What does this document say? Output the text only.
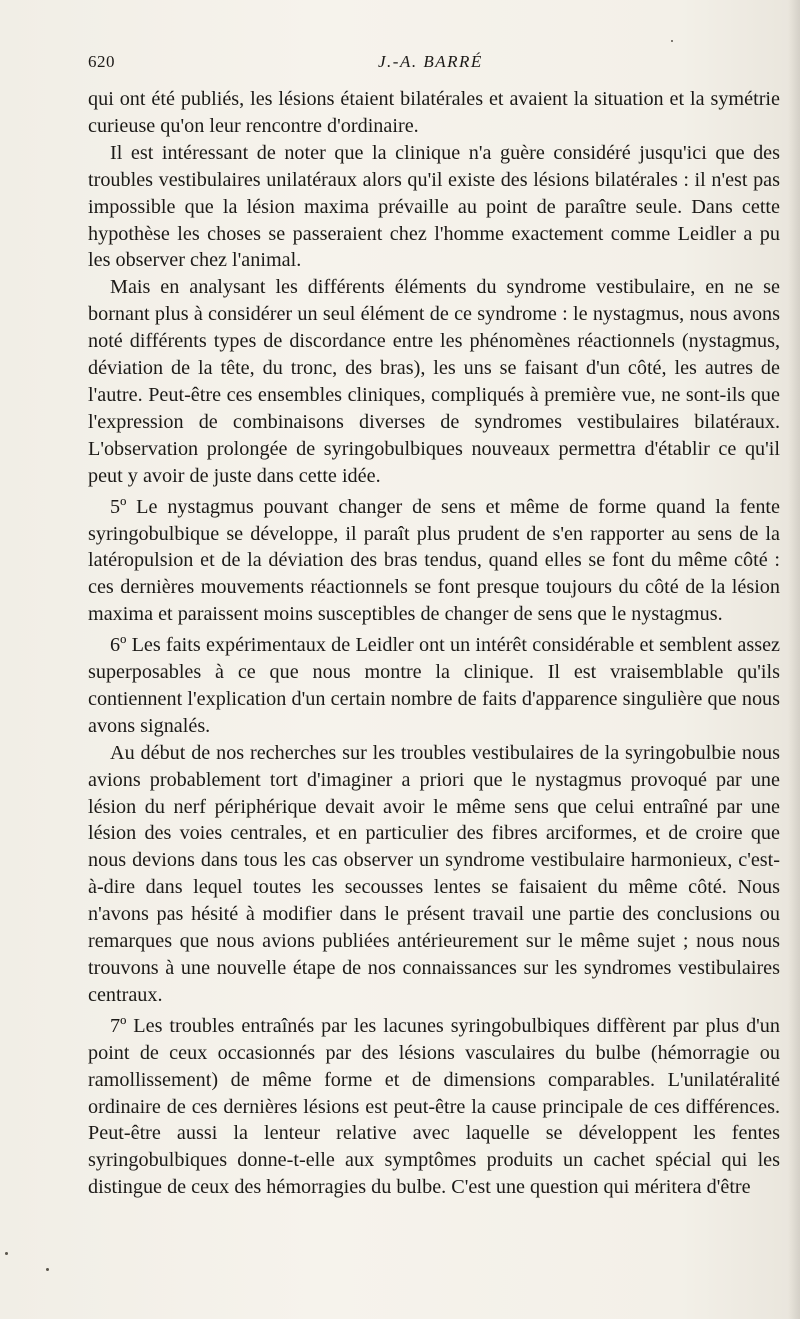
620	J.-A. BARRÉ

qui ont été publiés, les lésions étaient bilatérales et avaient la situation et la symétrie curieuse qu'on leur rencontre d'ordinaire.

Il est intéressant de noter que la clinique n'a guère considéré jusqu'ici que des troubles vestibulaires unilatéraux alors qu'il existe des lésions bilatérales : il n'est pas impossible que la lésion maxima prévaille au point de paraître seule. Dans cette hypothèse les choses se passeraient chez l'homme exactement comme Leidler a pu les observer chez l'animal.

Mais en analysant les différents éléments du syndrome vestibulaire, en ne se bornant plus à considérer un seul élément de ce syndrome : le nystagmus, nous avons noté différents types de discordance entre les phénomènes réactionnels (nystagmus, déviation de la tête, du tronc, des bras), les uns se faisant d'un côté, les autres de l'autre. Peut-être ces ensembles cliniques, compliqués à première vue, ne sont-ils que l'expression de combinaisons diverses de syndromes vestibulaires bilatéraux. L'observation prolongée de syringobulbiques nouveaux permettra d'établir ce qu'il peut y avoir de juste dans cette idée.

5º Le nystagmus pouvant changer de sens et même de forme quand la fente syringobulbique se développe, il paraît plus prudent de s'en rapporter au sens de la latéropulsion et de la déviation des bras tendus, quand elles se font du même côté : ces dernières mouvements réactionnels se font presque toujours du côté de la lésion maxima et paraissent moins susceptibles de changer de sens que le nystagmus.

6º Les faits expérimentaux de Leidler ont un intérêt considérable et semblent assez superposables à ce que nous montre la clinique. Il est vraisemblable qu'ils contiennent l'explication d'un certain nombre de faits d'apparence singulière que nous avons signalés.

Au début de nos recherches sur les troubles vestibulaires de la syringobulbie nous avions probablement tort d'imaginer a priori que le nystagmus provoqué par une lésion du nerf périphérique devait avoir le même sens que celui entraîné par une lésion des voies centrales, et en particulier des fibres arciformes, et de croire que nous devions dans tous les cas observer un syndrome vestibulaire harmonieux, c'est-à-dire dans lequel toutes les secousses lentes se faisaient du même côté. Nous n'avons pas hésité à modifier dans le présent travail une partie des conclusions ou remarques que nous avions publiées antérieurement sur le même sujet ; nous nous trouvons à une nouvelle étape de nos connaissances sur les syndromes vestibulaires centraux.

7º Les troubles entraînés par les lacunes syringobulbiques diffèrent par plus d'un point de ceux occasionnés par des lésions vasculaires du bulbe (hémorragie ou ramollissement) de même forme et de dimensions comparables. L'unilatéralité ordinaire de ces dernières lésions est peut-être la cause principale de ces différences. Peut-être aussi la lenteur relative avec laquelle se développent les fentes syringobulbiques donne-t-elle aux symptômes produits un cachet spécial qui les distingue de ceux des hémorragies du bulbe. C'est une question qui méritera d'être
